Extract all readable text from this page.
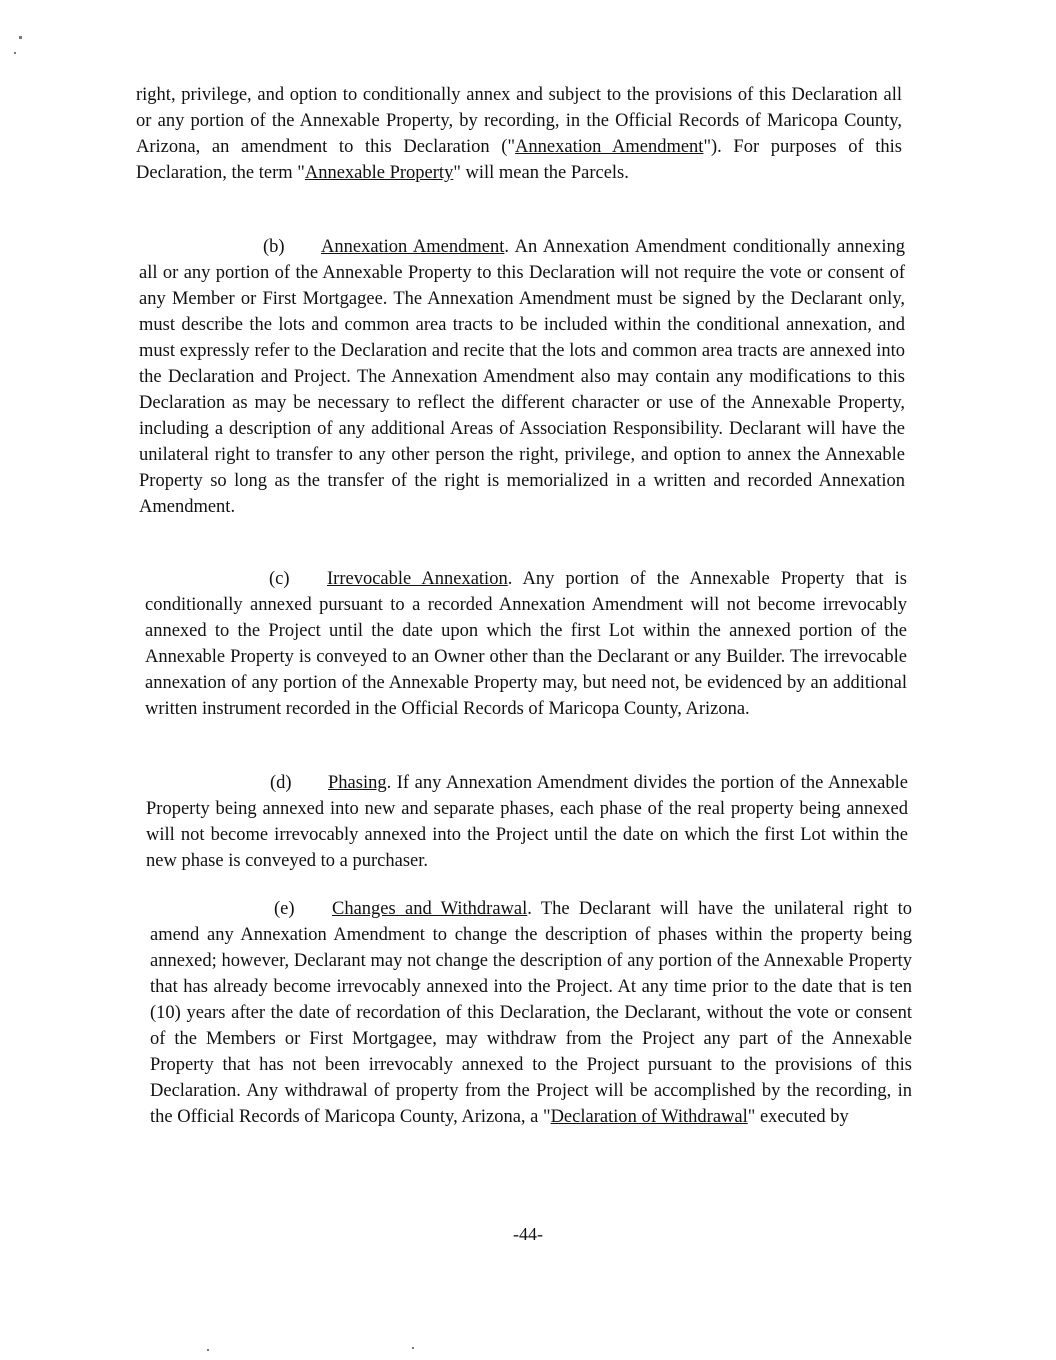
right, privilege, and option to conditionally annex and subject to the provisions of this Declaration all or any portion of the Annexable Property, by recording, in the Official Records of Maricopa County, Arizona, an amendment to this Declaration ("Annexation Amendment"). For purposes of this Declaration, the term "Annexable Property" will mean the Parcels.

(b) Annexation Amendment. An Annexation Amendment conditionally annexing all or any portion of the Annexable Property to this Declaration will not require the vote or consent of any Member or First Mortgagee. The Annexation Amendment must be signed by the Declarant only, must describe the lots and common area tracts to be included within the conditional annexation, and must expressly refer to the Declaration and recite that the lots and common area tracts are annexed into the Declaration and Project. The Annexation Amendment also may contain any modifications to this Declaration as may be necessary to reflect the different character or use of the Annexable Property, including a description of any additional Areas of Association Responsibility. Declarant will have the unilateral right to transfer to any other person the right, privilege, and option to annex the Annexable Property so long as the transfer of the right is memorialized in a written and recorded Annexation Amendment.

(c) Irrevocable Annexation. Any portion of the Annexable Property that is conditionally annexed pursuant to a recorded Annexation Amendment will not become irrevocably annexed to the Project until the date upon which the first Lot within the annexed portion of the Annexable Property is conveyed to an Owner other than the Declarant or any Builder. The irrevocable annexation of any portion of the Annexable Property may, but need not, be evidenced by an additional written instrument recorded in the Official Records of Maricopa County, Arizona.

(d) Phasing. If any Annexation Amendment divides the portion of the Annexable Property being annexed into new and separate phases, each phase of the real property being annexed will not become irrevocably annexed into the Project until the date on which the first Lot within the new phase is conveyed to a purchaser.

(e) Changes and Withdrawal. The Declarant will have the unilateral right to amend any Annexation Amendment to change the description of phases within the property being annexed; however, Declarant may not change the description of any portion of the Annexable Property that has already become irrevocably annexed into the Project. At any time prior to the date that is ten (10) years after the date of recordation of this Declaration, the Declarant, without the vote or consent of the Members or First Mortgagee, may withdraw from the Project any part of the Annexable Property that has not been irrevocably annexed to the Project pursuant to the provisions of this Declaration. Any withdrawal of property from the Project will be accomplished by the recording, in the Official Records of Maricopa County, Arizona, a "Declaration of Withdrawal" executed by

-44-
